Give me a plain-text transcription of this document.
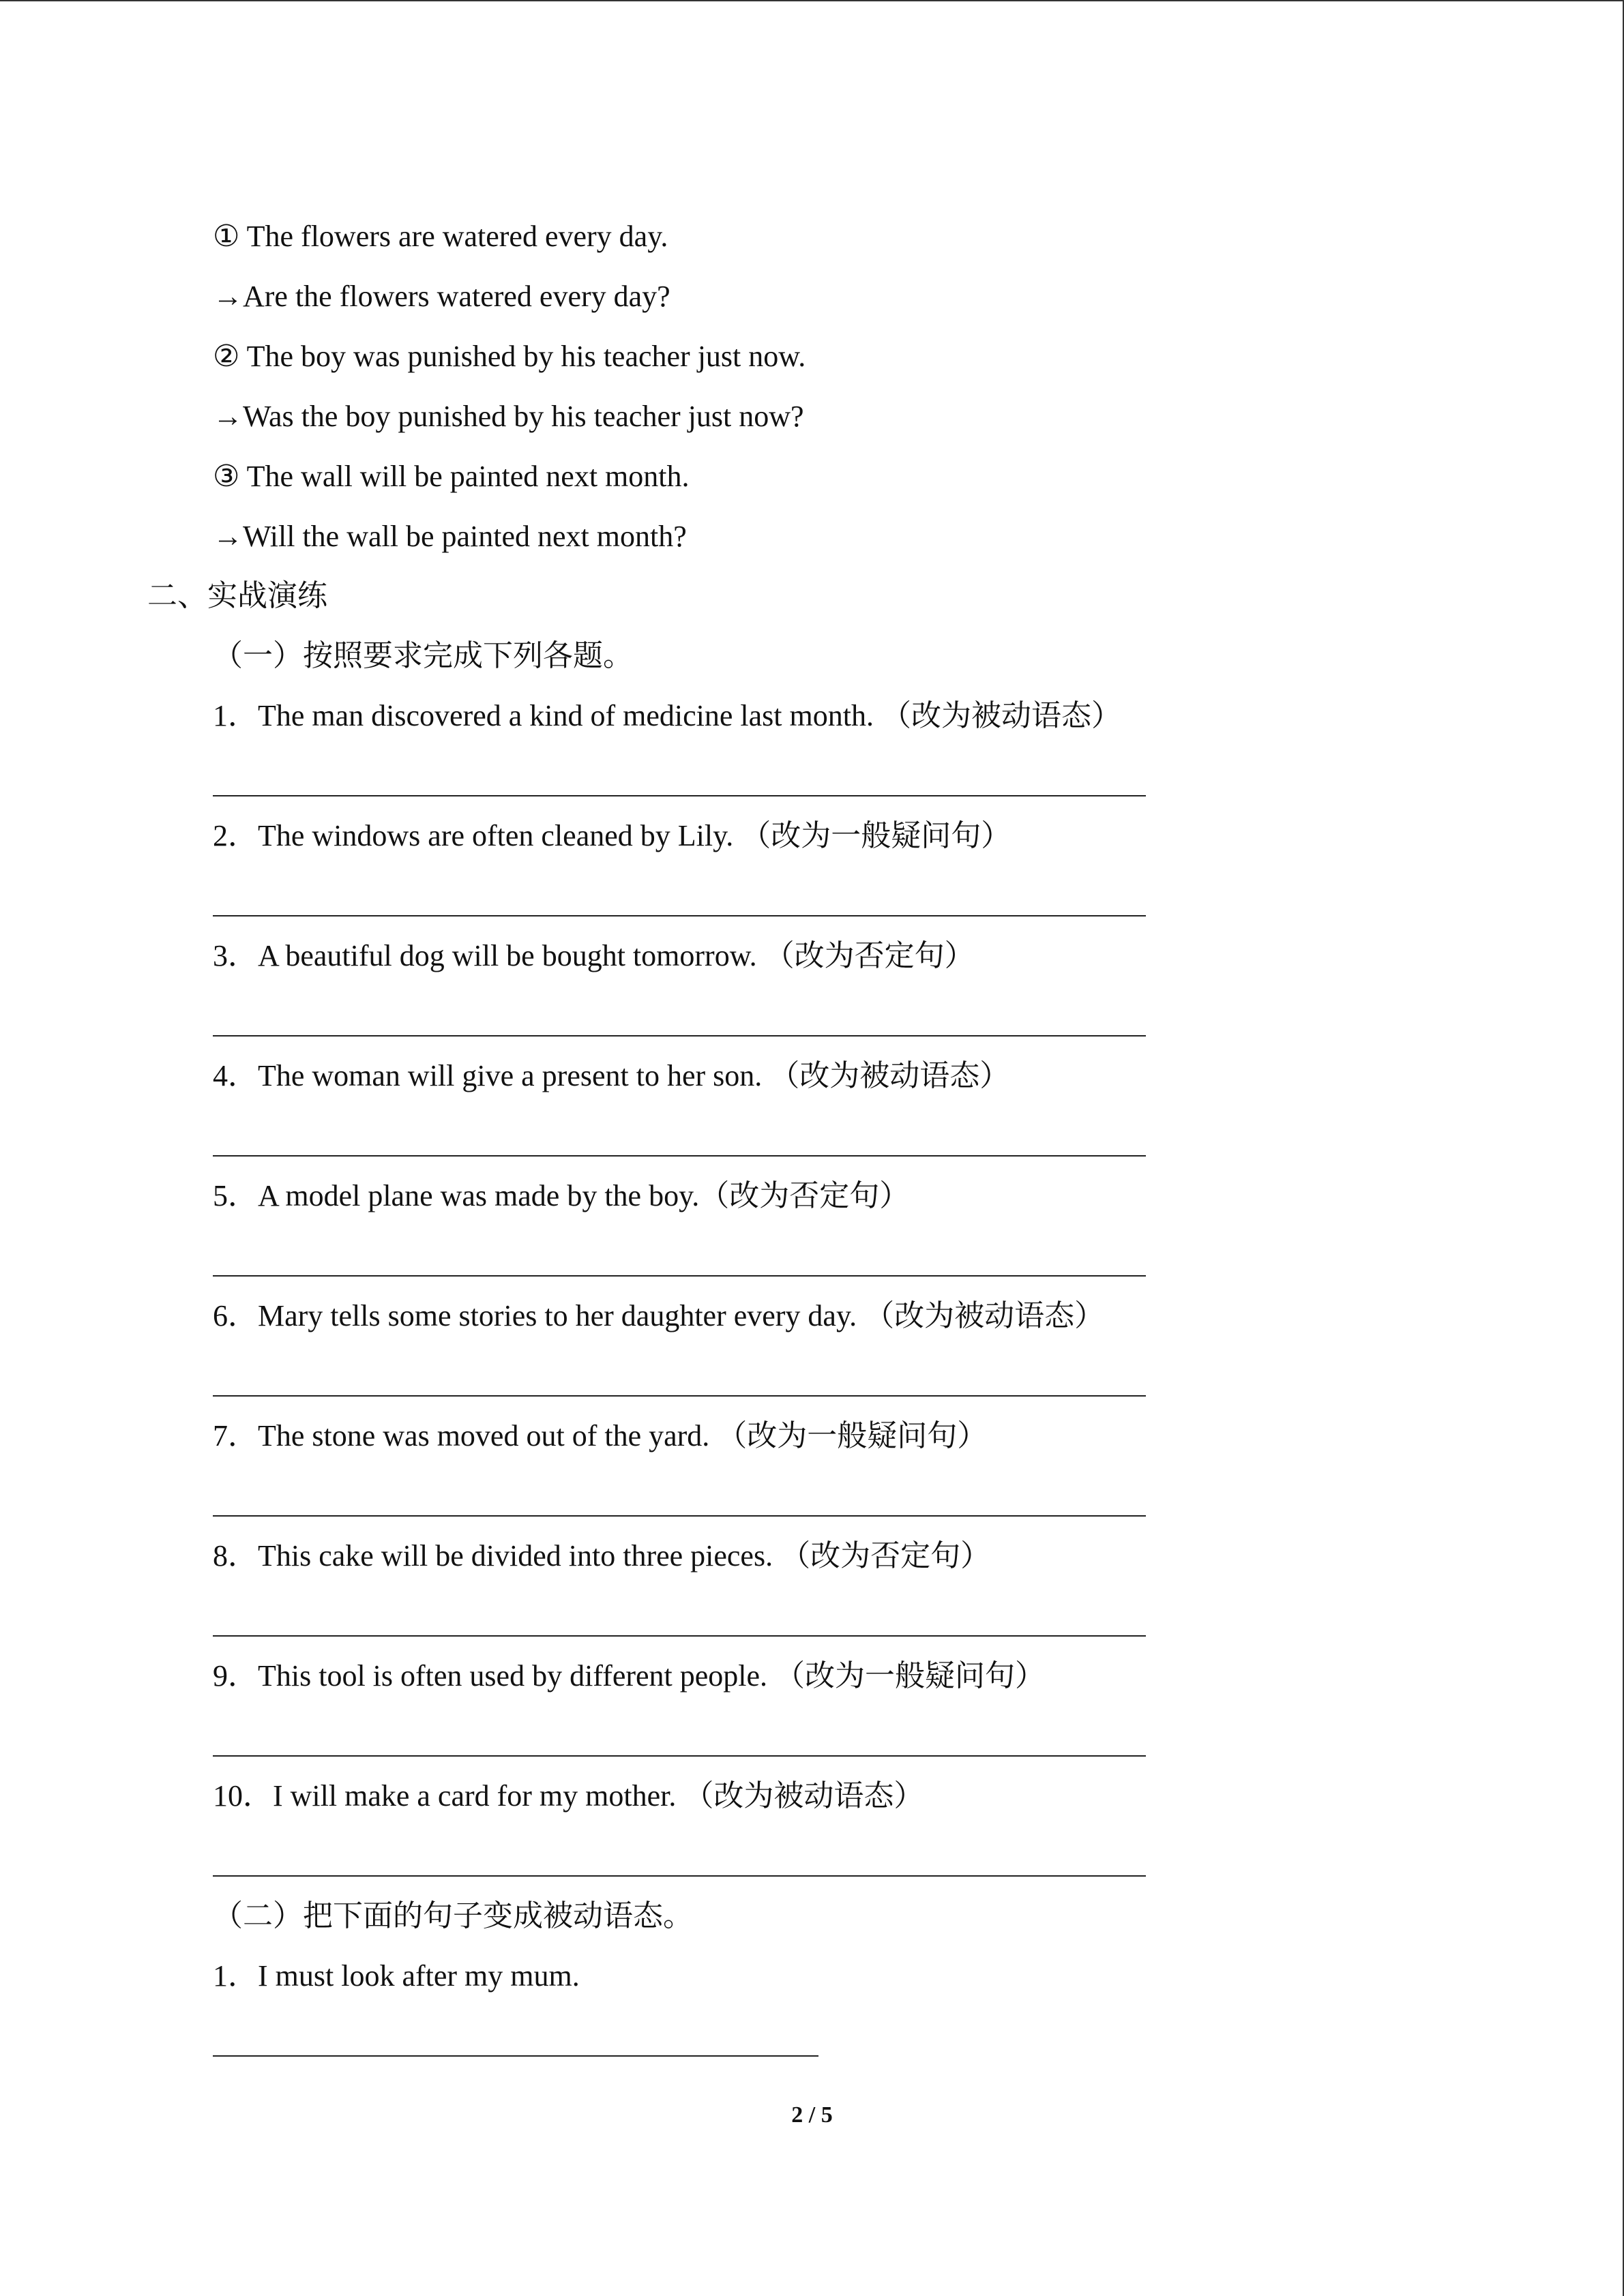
① The flowers are watered every day.
→Are the flowers watered every day?
② The boy was punished by his teacher just now.
→Was the boy punished by his teacher just now?
③ The wall will be painted next month.
→Will the wall be painted next month?
二、实战演练
（一）按照要求完成下列各题。
1．The man discovered a kind of medicine last month. （改为被动语态）
2．The windows are often cleaned by Lily. （改为一般疑问句）
3．A beautiful dog will be bought tomorrow. （改为否定句）
4．The woman will give a present to her son. （改为被动语态）
5．A model plane was made by the boy.（改为否定句）
6．Mary tells some stories to her daughter every day. （改为被动语态）
7．The stone was moved out of the yard. （改为一般疑问句）
8．This cake will be divided into three pieces. （改为否定句）
9．This tool is often used by different people. （改为一般疑问句）
10．I will make a card for my mother. （改为被动语态）
（二）把下面的句子变成被动语态。
1．I must look after my mum.
2 / 5
